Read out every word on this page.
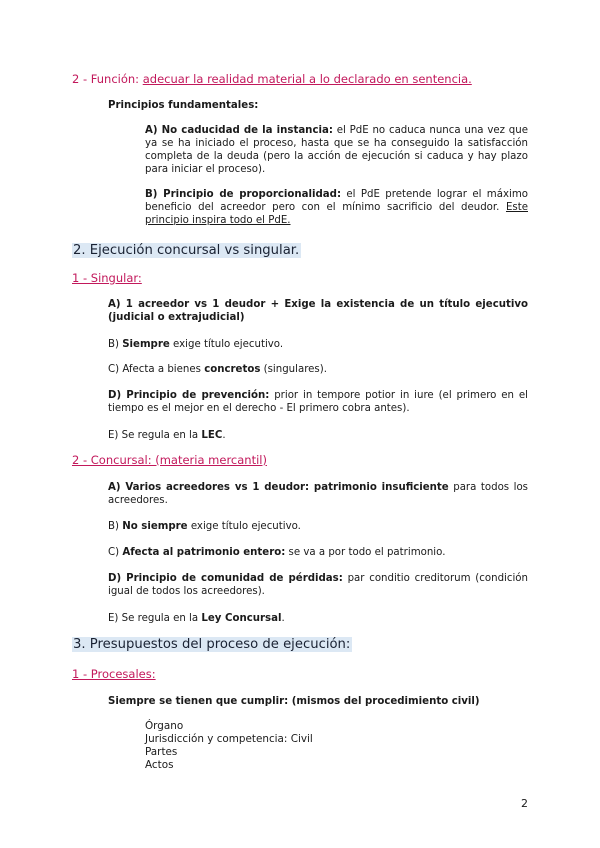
2 - Función: adecuar la realidad material a lo declarado en sentencia.

Principios fundamentales:

A) No caducidad de la instancia: el PdE no caduca nunca una vez que ya se ha iniciado el proceso, hasta que se ha conseguido la satisfacción completa de la deuda (pero la acción de ejecución si caduca y hay plazo para iniciar el proceso).

B) Principio de proporcionalidad: el PdE pretende lograr el máximo beneficio del acreedor pero con el mínimo sacrificio del deudor. Este principio inspira todo el PdE.

2. Ejecución concursal vs singular.

1 - Singular:

A) 1 acreedor vs 1 deudor + Exige la existencia de un título ejecutivo (judicial o extrajudicial)

B) Siempre exige título ejecutivo.

C) Afecta a bienes concretos (singulares).

D) Principio de prevención: prior in tempore potior in iure (el primero en el tiempo es el mejor en el derecho - El primero cobra antes).

E) Se regula en la LEC.

2 - Concursal: (materia mercantil)

A) Varios acreedores vs 1 deudor: patrimonio insuficiente para todos los acreedores.

B) No siempre exige título ejecutivo.

C) Afecta al patrimonio entero: se va a por todo el patrimonio.

D) Principio de comunidad de pérdidas: par conditio creditorum (condición igual de todos los acreedores).

E) Se regula en la Ley Concursal.

3. Presupuestos del proceso de ejecución:

1 - Procesales:

Siempre se tienen que cumplir: (mismos del procedimiento civil)

Órgano
Jurisdicción y competencia: Civil
Partes
Actos
2
